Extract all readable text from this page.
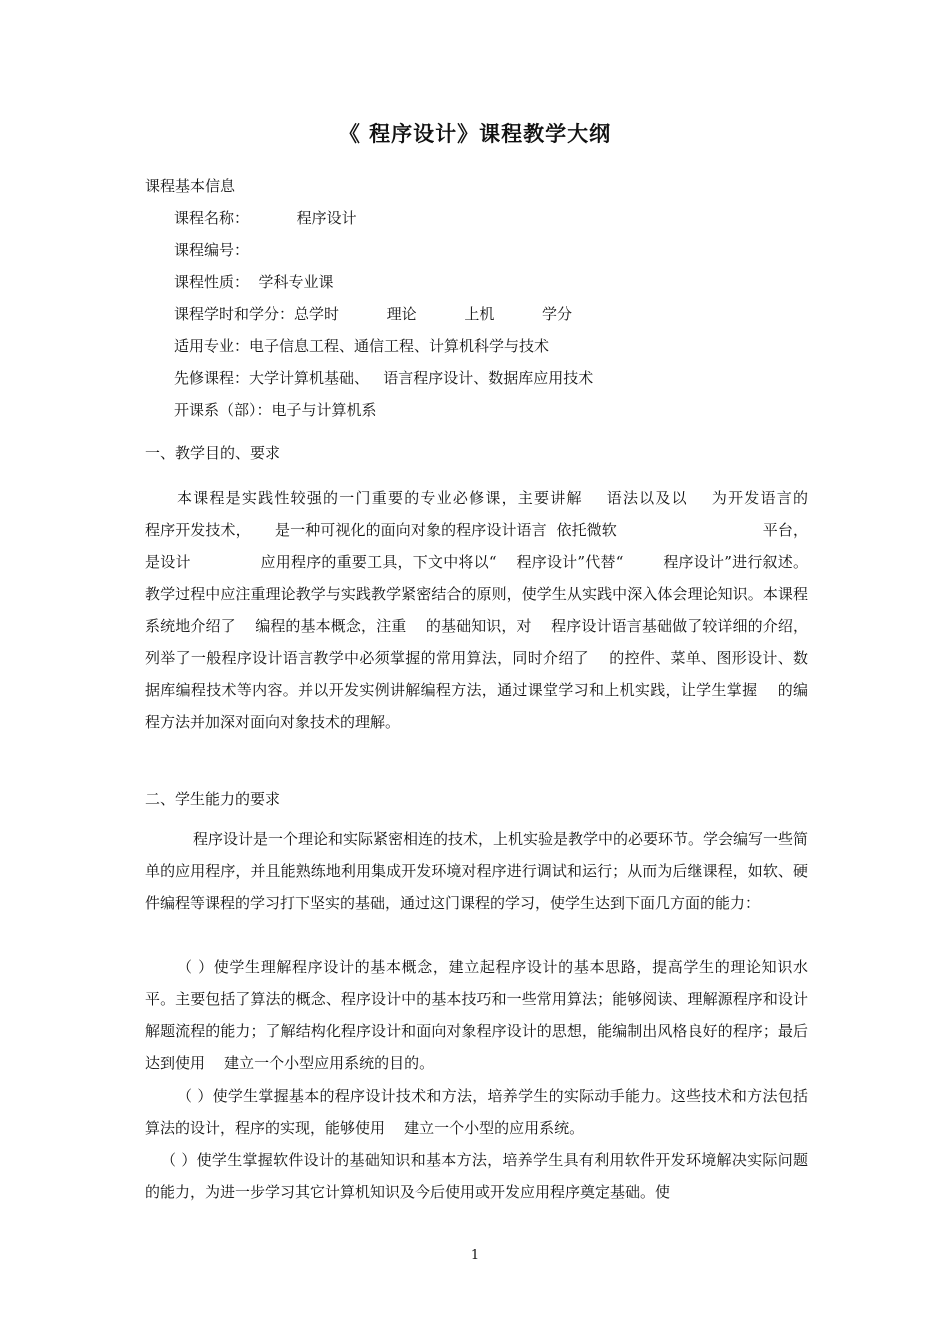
《 程序设计》课程教学大纲
课程基本信息
课程名称：          程序设计
课程编号：
课程性质：  学科专业课
课程学时和学分：总学时          理论          上机          学分
适用专业：电子信息工程、通信工程、计算机科学与技术
先修课程：大学计算机基础、   语言程序设计、数据库应用技术
开课系（部）：电子与计算机系
一、教学目的、要求
本课程是实践性较强的一门重要的专业必修课，主要讲解    语法以及以    为开发语言的              程序开发技术，     是一种可视化的面向对象的程序设计语言  依托微软                              平台，是设计              应用程序的重要工具，下文中将以“    程序设计”代替“        程序设计”进行叙述。教学过程中应注重理论教学与实践教学紧密结合的原则，使学生从实践中深入体会理论知识。本课程系统地介绍了    编程的基本概念，注重    的基础知识，对    程序设计语言基础做了较详细的介绍，列举了一般程序设计语言教学中必须掌握的常用算法，同时介绍了    的控件、菜单、图形设计、数据库编程技术等内容。并以开发实例讲解编程方法，通过课堂学习和上机实践，让学生掌握    的编程方法并加深对面向对象技术的理解。
二、学生能力的要求
程序设计是一个理论和实际紧密相连的技术，上机实验是教学中的必要环节。学会编写一些简单的应用程序，并且能熟练地利用集成开发环境对程序进行调试和运行；从而为后继课程，如软、硬件编程等课程的学习打下坚实的基础，通过这门课程的学习，使学生达到下面几方面的能力：
（ ）使学生理解程序设计的基本概念，建立起程序设计的基本思路，提高学生的理论知识水平。主要包括了算法的概念、程序设计中的基本技巧和一些常用算法；能够阅读、理解源程序和设计解题流程的能力；了解结构化程序设计和面向对象程序设计的思想，能编制出风格良好的程序；最后达到使用    建立一个小型应用系统的目的。
（ ）使学生掌握基本的程序设计技术和方法，培养学生的实际动手能力。这些技术和方法包括算法的设计，程序的实现，能够使用    建立一个小型的应用系统。
（ ）使学生掌握软件设计的基础知识和基本方法，培养学生具有利用软件开发环境解决实际问题的能力，为进一步学习其它计算机知识及今后使用或开发应用程序奠定基础。使
1
